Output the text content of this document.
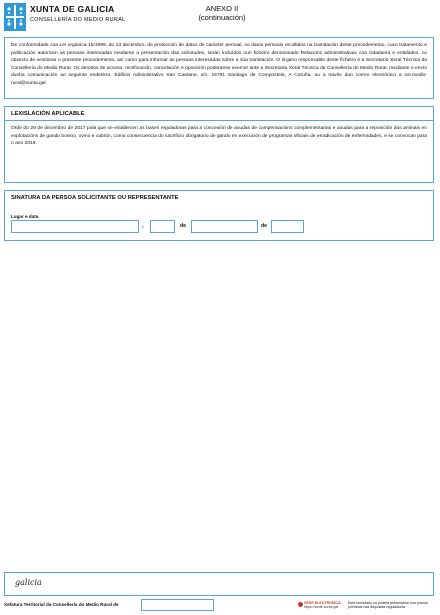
XUNTA DE GALICIA
CONSELLERÍA DO MEDIO RURAL
ANEXO II
(continuación)

De conformidade coa Lei orgánica 15/1999, do 13 decembro, de protección de datos de carácter persoal, os datos persoais recollidos na tramitación deste procedemento, cuxo tratamento e publicación autoricen as persoas interesadas mediante a presentación das solicitudes, serán incluídos nun ficheiro denominado Relacións administrativas coa cidadanía e entidades, co obxecto de xestionar o presente procedemento, así como para informar as persoas interesadas sobre a súa tramitación. O órgano responsable deste ficheiro é a Secretaría Xeral Técnica da Consellería do Medio Rural. Os dereitos de acceso, rectificación, cancelación e oposición poderanse exercer ante a Secretaría Xeral Técnica da Consellería do Medio Rural, mediante o envío dunha comunicación ao seguinte enderezo: Edificio Administrativo San Caetano, s/n, 15781 Santiago de Compostela, A Coruña, ou a través dun correo electrónico a sxt.medio-rural@xunta.gal

LEXISLACIÓN APLICABLE

Orde do 29 de decembro de 2017 pola que se establecen as bases reguladoras para a concesión de axudas de compensacións complementarias e axudas para a reposición dos animais en explotacións de gando bovino, ovino e cabrún, como consecuencia do sacrificio obrigatorio de gando en execución de programas oficiais de erradicación de enfermidades, e se convocan para o ano 2018.

SINATURA DA PERSOA SOLICITANTE OU REPRESENTANTE
Lugar e data
,	de	de
galicia
Xefatura Territorial da Consellería do Medio Rural de	SEDE ELECTRÓNICA
https://sede.xunta.gal
Este formulario só poderá presentarse nos prazos previstos nas dispostas reguladoras
